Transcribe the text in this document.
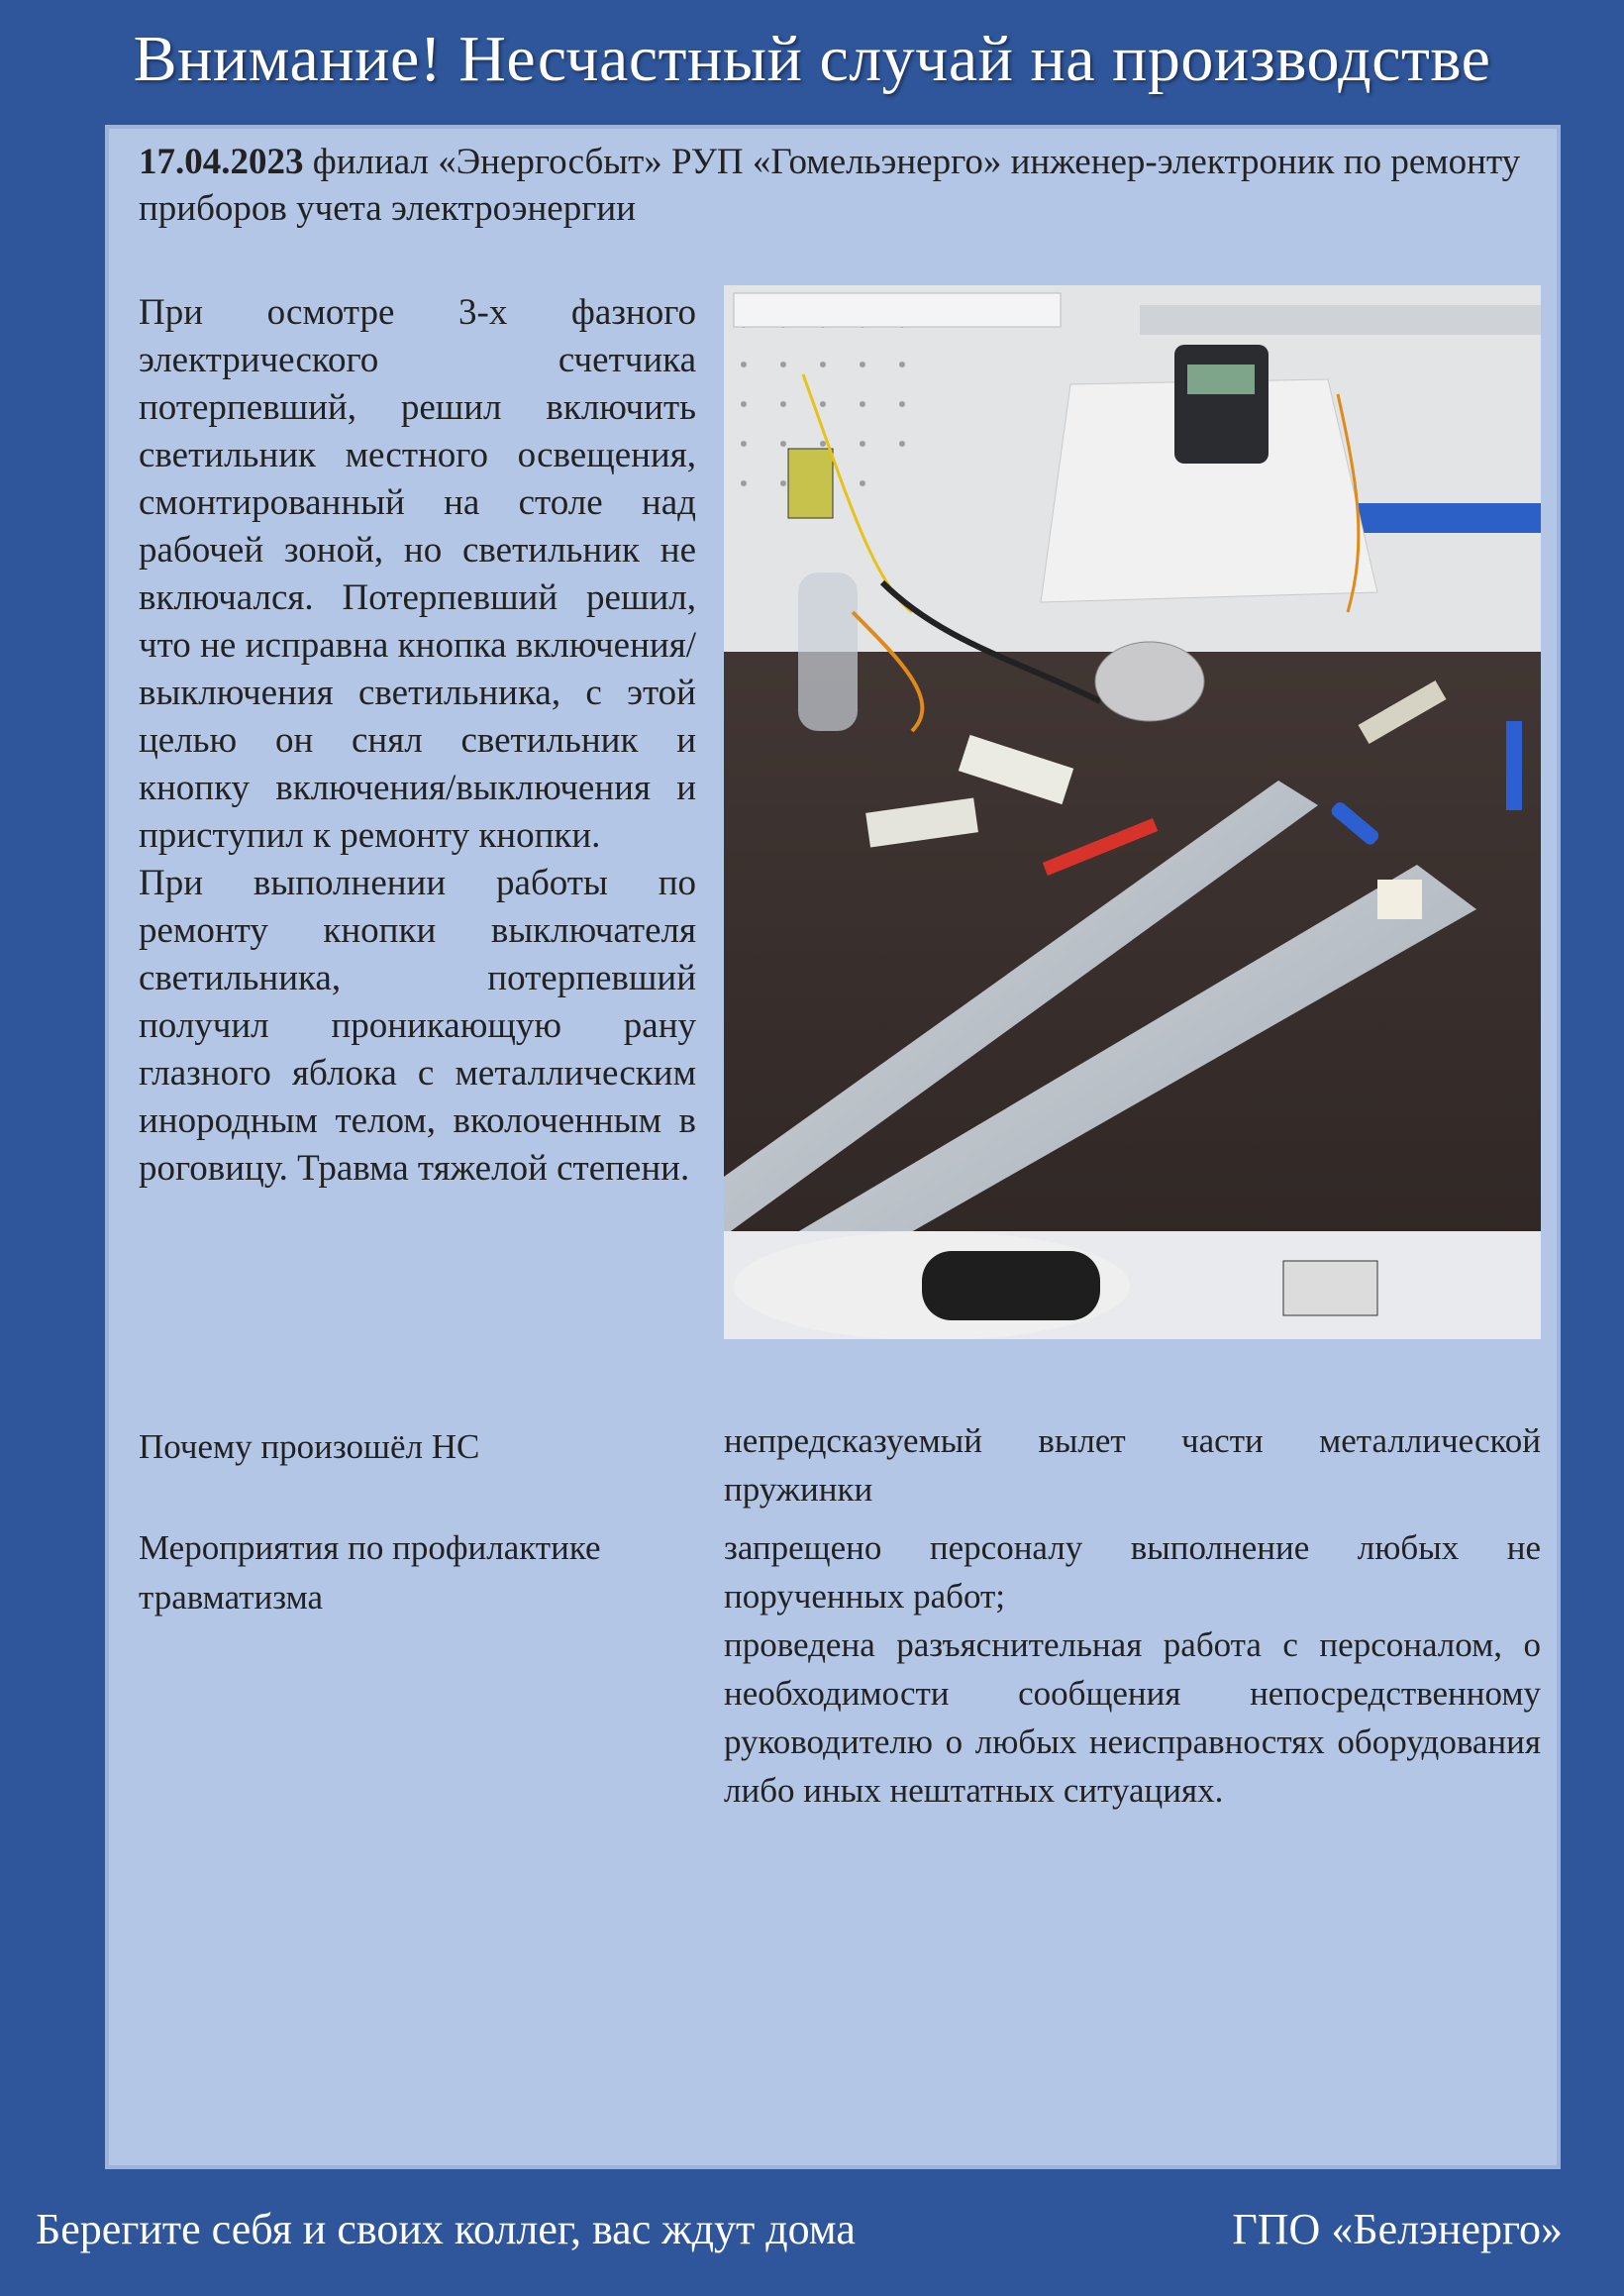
Внимание! Несчастный случай на производстве
17.04.2023 филиал «Энергосбыт» РУП «Гомельэнерго» инженер-электроник по ремонту приборов учета электроэнергии

При осмотре 3-х фазного электрического счетчика потерпевший, решил включить светильник местного освещения, смонтированный на столе над рабочей зоной, но светильник не включался. Потерпевший решил, что не исправна кнопка включения/выключения светильника, с этой целью он снял светильник и кнопку включения/выключения и приступил к ремонту кнопки.

При выполнении работы по ремонту кнопки выключателя светильника, потерпевший получил проникающую рану глазного яблока с металлическим инородным телом, вколоченным в роговицу. Травма тяжелой степени.

Почему произошёл НС	непредсказуемый вылет части металлической пружинки

Мероприятия по профилактике травматизма

запрещено персоналу выполнение любых не порученных работ;

проведена разъяснительная работа с персоналом, о необходимости сообщения непосредственному руководителю о любых неисправностях оборудования либо иных нештатных ситуациях.

Берегите себя и своих коллег, вас ждут дома	ГПО «Белэнерго»
